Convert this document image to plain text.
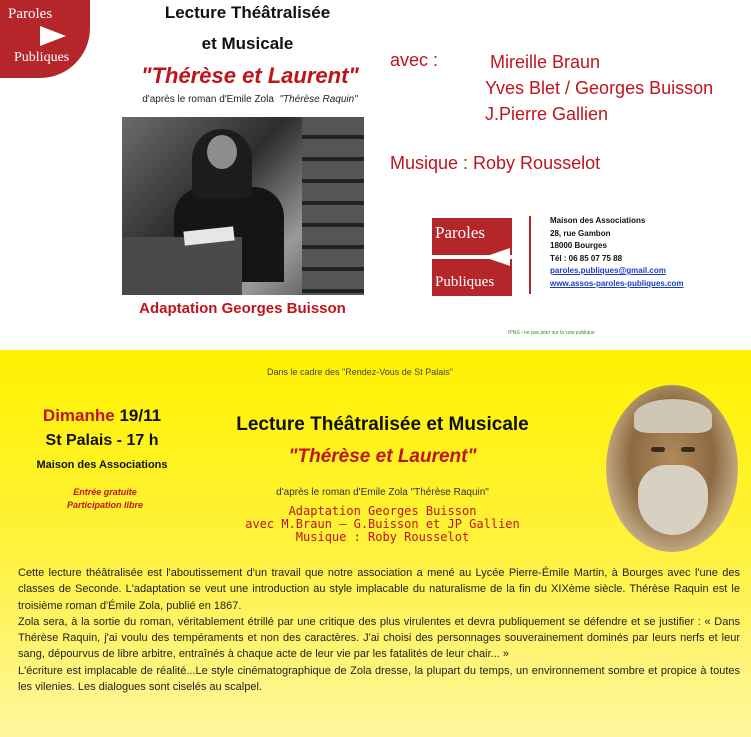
Paroles
Publiques
Lecture Théâtralisée
et Musicale
"Thérèse et Laurent"
d'après le roman d'Emile Zola "Thérèse Raquin"
Adaptation Georges Buisson
avec :	Mireille Braun
Yves Blet / Georges Buisson
J.Pierre Gallien
Musique : Roby Rousselot
Paroles
Publiques
Maison des Associations
28, rue Gambon
18000 Bourges
Tél : 06 85 07 75 88
paroles.publiques@gmail.com
www.assos-paroles-publiques.com
IPNS - ne pas jeter sur la voie publique
Dans le cadre des "Rendez-Vous de St Palais"
Dimanhe 19/11
St Palais - 17 h
Maison des Associations
Entrée gratuite
Participation libre
Lecture Théâtralisée et Musicale
"Thérèse et Laurent"
d'après le roman d'Emile Zola "Thérèse Raquin"
Adaptation Georges Buisson
avec M.Braun – G.Buisson et JP Gallien
Musique : Roby Rousselot

Cette lecture théâtralisée est l'aboutissement d'un travail que notre association a mené au Lycée Pierre-Émile Martin, à Bourges avec l'une des classes de Seconde. L'adaptation se veut une introduction au style implacable du naturalisme de la fin du XIXème siècle. Thérèse Raquin est le troisième roman d'Émile Zola, publié en 1867.

Zola sera, à la sortie du roman, véritablement étrillé par une critique des plus virulentes et devra publiquement se défendre et se justifier : « Dans Thérèse Raquin, j'ai voulu des tempéraments et non des caractères. J'ai choisi des personnages souverainement dominés par leurs nerfs et leur sang, dépourvus de libre arbitre, entraînés à chaque acte de leur vie par les fatalités de leur chair... »

L'écriture est implacable de réalité...Le style cinématographique de Zola dresse, la plupart du temps, un environnement sombre et propice à toutes les vilenies. Les dialogues sont ciselés au scalpel.
